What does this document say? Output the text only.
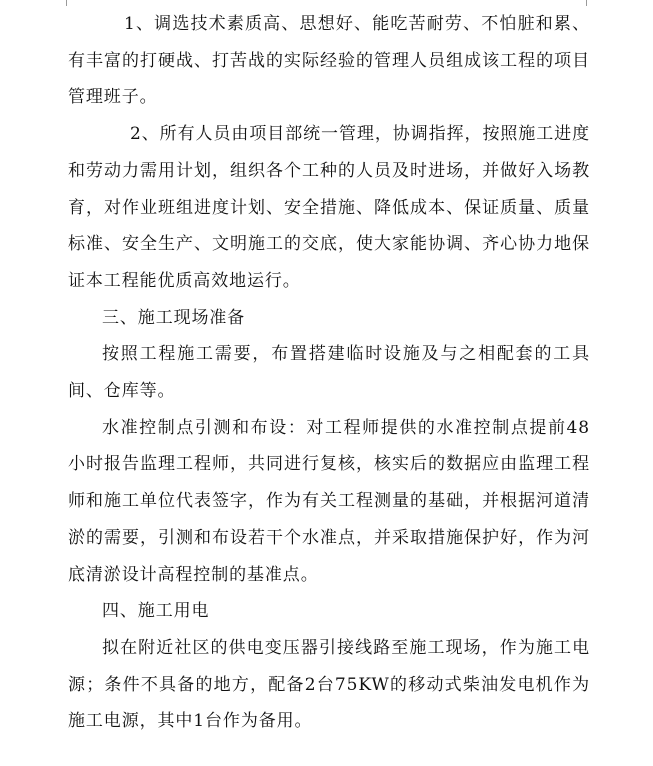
1、调选技术素质高、思想好、能吃苦耐劳、不怕脏和累、有丰富的打硬战、打苦战的实际经验的管理人员组成该工程的项目管理班子。

2、所有人员由项目部统一管理，协调指挥，按照施工进度和劳动力需用计划，组织各个工种的人员及时进场，并做好入场教育，对作业班组进度计划、安全措施、降低成本、保证质量、质量标准、安全生产、文明施工的交底，使大家能协调、齐心协力地保证本工程能优质高效地运行。

三、施工现场准备

按照工程施工需要，布置搭建临时设施及与之相配套的工具间、仓库等。

水准控制点引测和布设：对工程师提供的水准控制点提前48小时报告监理工程师，共同进行复核，核实后的数据应由监理工程师和施工单位代表签字，作为有关工程测量的基础，并根据河道清淤的需要，引测和布设若干个水准点，并采取措施保护好，作为河底清淤设计高程控制的基准点。

四、施工用电

拟在附近社区的供电变压器引接线路至施工现场，作为施工电源；条件不具备的地方，配备2台75KW的移动式柴油发电机作为施工电源，其中1台作为备用。
